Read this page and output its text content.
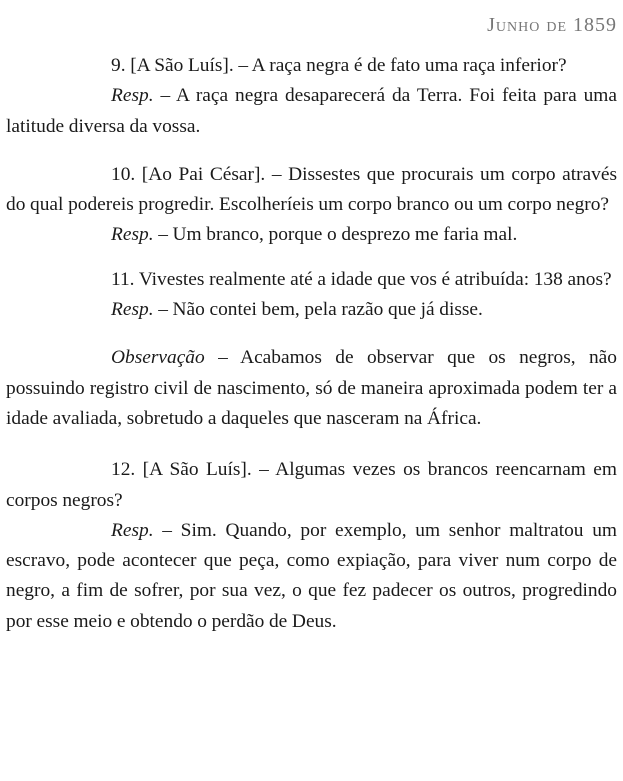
Junho de 1859

9. [A São Luís]. – A raça negra é de fato uma raça inferior?

Resp. – A raça negra desaparecerá da Terra. Foi feita para uma latitude diversa da vossa.

10. [Ao Pai César]. – Dissestes que procurais um corpo através do qual podereis progredir. Escolheríeis um corpo branco ou um corpo negro?

Resp. – Um branco, porque o desprezo me faria mal.

11. Vivestes realmente até a idade que vos é atribuída: 138 anos?

Resp. – Não contei bem, pela razão que já disse.

Observação – Acabamos de observar que os negros, não possuindo registro civil de nascimento, só de maneira aproximada podem ter a idade avaliada, sobretudo a daqueles que nasceram na África.

12. [A São Luís]. – Algumas vezes os brancos reencarnam em corpos negros?

Resp. – Sim. Quando, por exemplo, um senhor maltratou um escravo, pode acontecer que peça, como expiação, para viver num corpo de negro, a fim de sofrer, por sua vez, o que fez padecer os outros, progredindo por esse meio e obtendo o perdão de Deus.
